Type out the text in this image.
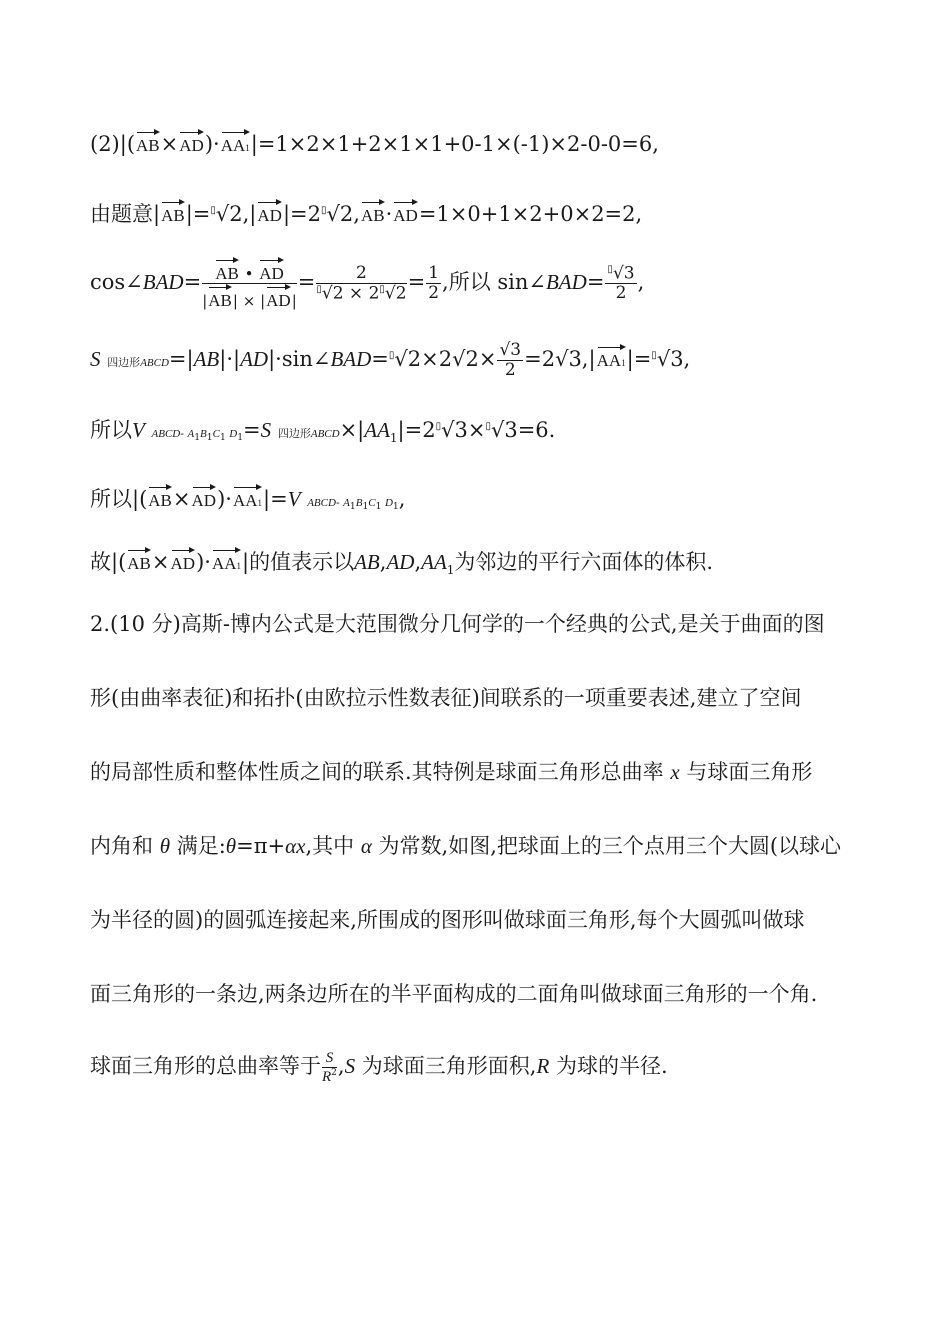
(2)|(AB×AD)·AA1|=1×2×1+2×1×1+0-1×(-1)×2-0-0=6,
由题意|AB|=▯√2,|AD|=2▯√2,AB·AD=1×0+1×2+0×2=2,
cos∠BAD= $\frac{AB • AD}{|AB| \times |AD|} = \frac{2}{^▯√2 \times 2^▯√2} = \frac{1}{2}$ ,所以 sin∠BAD= $\frac{^▯√3}{2}$ ,
S 四边形ABCD=|AB|·|AD|·sin∠BAD=▯√2×2√2× $\frac{√3}{2} =2√3,|AA1|=^▯√3$,
所以V ABCD- $A_1B_1C_1$ $D_1=S$ 四边形$ABCD\times|AA_1|=2^▯√3\times^▯√3=6$.
所以|(AB×AD)·AA1|=V ABCD- $A_1B_1C_1$ $D_1$,
故|(AB×AD)·AA1|的值表示以$AB,AD,AA_1$为邻边的平行六面体的体积.
2.(10 分)高斯-博内公式是大范围微分几何学的一个经典的公式,是关于曲面的图
形(由曲率表征)和拓扑(由欧拉示性数表征)间联系的一项重要表述,建立了空间
的局部性质和整体性质之间的联系.其特例是球面三角形总曲率 x 与球面三角形
内角和 θ 满足:θ=π+αx,其中 α 为常数,如图,把球面上的三个点用三个大圆(以球心
为半径的圆)的圆弧连接起来,所围成的图形叫做球面三角形,每个大圆弧叫做球
面三角形的一条边,两条边所在的半平面构成的二面角叫做球面三角形的一个角.
球面三角形的总曲率等于 $\frac{S}{R^2} ,S$ 为球面三角形面积,R 为球的半径.
